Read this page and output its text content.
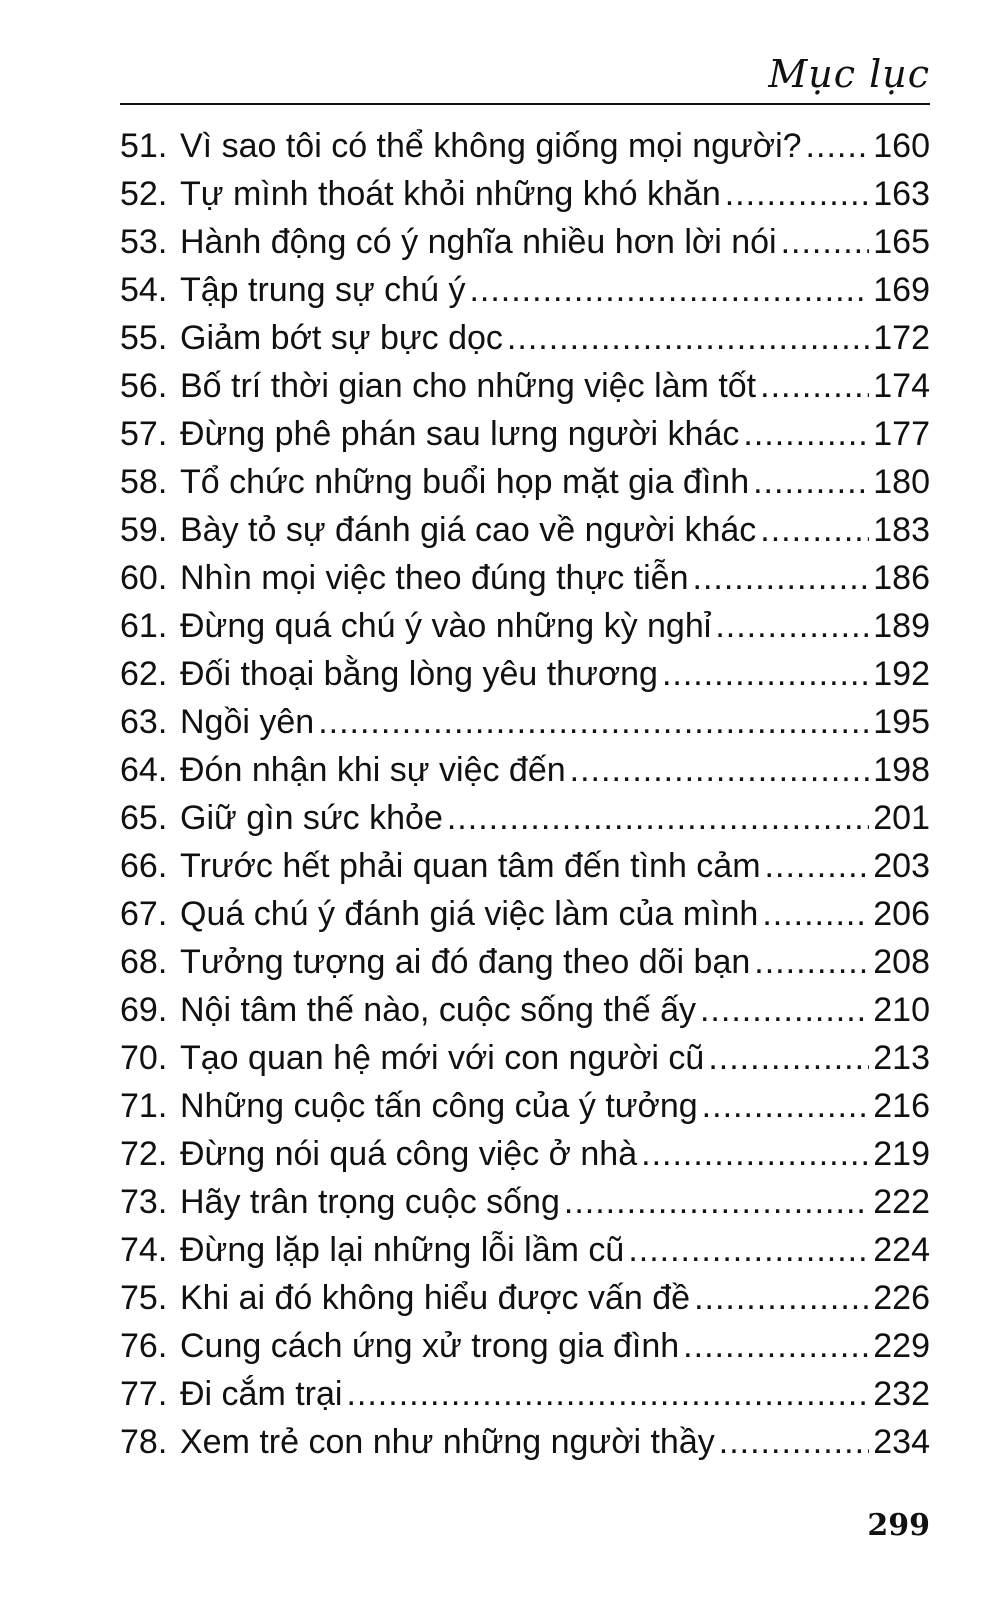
Mục lục
51. Vì sao tôi có thể không giống mọi người? ..... 160
52. Tự mình thoát khỏi những khó khăn .....	163
53. Hành động có ý nghĩa nhiều hơn lời nói .....	165
54. Tập trung sự chú ý .....	169
55. Giảm bớt sự bực dọc .....	172
56. Bố trí thời gian cho những việc làm tốt .....	174
57. Đừng phê phán sau lưng người khác .....	177
58. Tổ chức những buổi họp mặt gia đình .....	180
59. Bày tỏ sự đánh giá cao về người khác .....	183
60. Nhìn mọi việc theo đúng thực tiễn .....	186
61. Đừng quá chú ý vào những kỳ nghỉ .....	189
62. Đối thoại bằng lòng yêu thương .....	192
63. Ngồi yên .....	195
64. Đón nhận khi sự việc đến .....	198
65. Giữ gìn sức khỏe .....	201
66. Trước hết phải quan tâm đến tình cảm .....	203
67. Quá chú ý đánh giá việc làm của mình .....	206
68. Tưởng tượng ai đó đang theo dõi bạn .....	208
69. Nội tâm thế nào, cuộc sống thế ấy .....	210
70. Tạo quan hệ mới với con người cũ .....	213
71. Những cuộc tấn công của ý tưởng .....	216
72. Đừng nói quá công việc ở nhà .....	219
73. Hãy trân trọng cuộc sống .....	222
74. Đừng lặp lại những lỗi lầm cũ .....	224
75. Khi ai đó không hiểu được vấn đề .....	226
76. Cung cách ứng xử trong gia đình .....	229
77. Đi cắm trại .....	232
78. Xem trẻ con như những người thầy .....	234
299
